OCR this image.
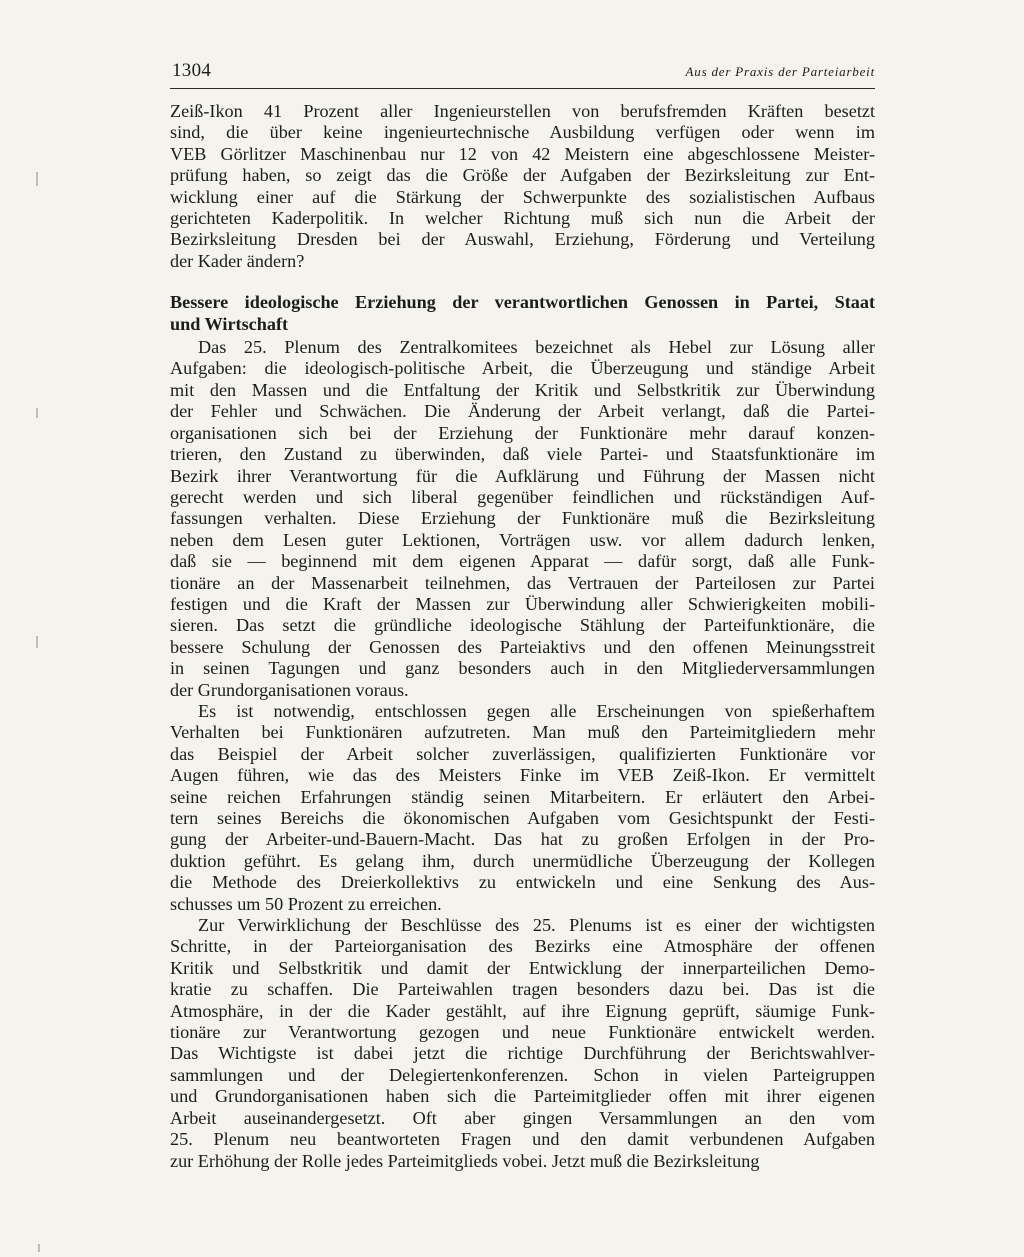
1304	Aus der Praxis der Parteiarbeit
Zeiß-Ikon 41 Prozent aller Ingenieurstellen von berufsfremden Kräften besetzt
sind, die über keine ingenieurtechnische Ausbildung verfügen oder wenn im
VEB Görlitzer Maschinenbau nur 12 von 42 Meistern eine abgeschlossene Meister-
prüfung haben, so zeigt das die Größe der Aufgaben der Bezirksleitung zur Ent-
wicklung einer auf die Stärkung der Schwerpunkte des sozialistischen Aufbaus
gerichteten Kaderpolitik. In welcher Richtung muß sich nun die Arbeit der
Bezirksleitung Dresden bei der Auswahl, Erziehung, Förderung und Verteilung
der Kader ändern?
Bessere ideologische Erziehung der verantwortlichen Genossen in Partei, Staat
und Wirtschaft
Das 25. Plenum des Zentralkomitees bezeichnet als Hebel zur Lösung aller
Aufgaben: die ideologisch-politische Arbeit, die Überzeugung und ständige Arbeit
mit den Massen und die Entfaltung der Kritik und Selbstkritik zur Überwindung
der Fehler und Schwächen. Die Änderung der Arbeit verlangt, daß die Partei-
organisationen sich bei der Erziehung der Funktionäre mehr darauf konzen-
trieren, den Zustand zu überwinden, daß viele Partei- und Staatsfunktionäre im
Bezirk ihrer Verantwortung für die Aufklärung und Führung der Massen nicht
gerecht werden und sich liberal gegenüber feindlichen und rückständigen Auf-
fassungen verhalten. Diese Erziehung der Funktionäre muß die Bezirksleitung
neben dem Lesen guter Lektionen, Vorträgen usw. vor allem dadurch lenken,
daß sie — beginnend mit dem eigenen Apparat — dafür sorgt, daß alle Funk-
tionäre an der Massenarbeit teilnehmen, das Vertrauen der Parteilosen zur Partei
festigen und die Kraft der Massen zur Überwindung aller Schwierigkeiten mobili-
sieren. Das setzt die gründliche ideologische Stählung der Parteifunktionäre, die
bessere Schulung der Genossen des Parteiaktivs und den offenen Meinungsstreit
in seinen Tagungen und ganz besonders auch in den Mitgliederversammlungen
der Grundorganisationen voraus.
Es ist notwendig, entschlossen gegen alle Erscheinungen von spießerhaftem
Verhalten bei Funktionären aufzutreten. Man muß den Parteimitgliedern mehr
das Beispiel der Arbeit solcher zuverlässigen, qualifizierten Funktionäre vor
Augen führen, wie das des Meisters Finke im VEB Zeiß-Ikon. Er vermittelt
seine reichen Erfahrungen ständig seinen Mitarbeitern. Er erläutert den Arbei-
tern seines Bereichs die ökonomischen Aufgaben vom Gesichtspunkt der Festi-
gung der Arbeiter-und-Bauern-Macht. Das hat zu großen Erfolgen in der Pro-
duktion geführt. Es gelang ihm, durch unermüdliche Überzeugung der Kollegen
die Methode des Dreierkollektivs zu entwickeln und eine Senkung des Aus-
schusses um 50 Prozent zu erreichen.
Zur Verwirklichung der Beschlüsse des 25. Plenums ist es einer der wichtigsten
Schritte, in der Parteiorganisation des Bezirks eine Atmosphäre der offenen
Kritik und Selbstkritik und damit der Entwicklung der innerparteilichen Demo-
kratie zu schaffen. Die Parteiwahlen tragen besonders dazu bei. Das ist die
Atmosphäre, in der die Kader gestählt, auf ihre Eignung geprüft, säumige Funk-
tionäre zur Verantwortung gezogen und neue Funktionäre entwickelt werden.
Das Wichtigste ist dabei jetzt die richtige Durchführung der Berichtswahlver-
sammlungen und der Delegiertenkonferenzen. Schon in vielen Parteigruppen
und Grundorganisationen haben sich die Parteimitglieder offen mit ihrer eigenen
Arbeit auseinandergesetzt. Oft aber gingen Versammlungen an den vom
25. Plenum neu beantworteten Fragen und den damit verbundenen Aufgaben
zur Erhöhung der Rolle jedes Parteimitglieds vobei. Jetzt muß die Bezirksleitung
